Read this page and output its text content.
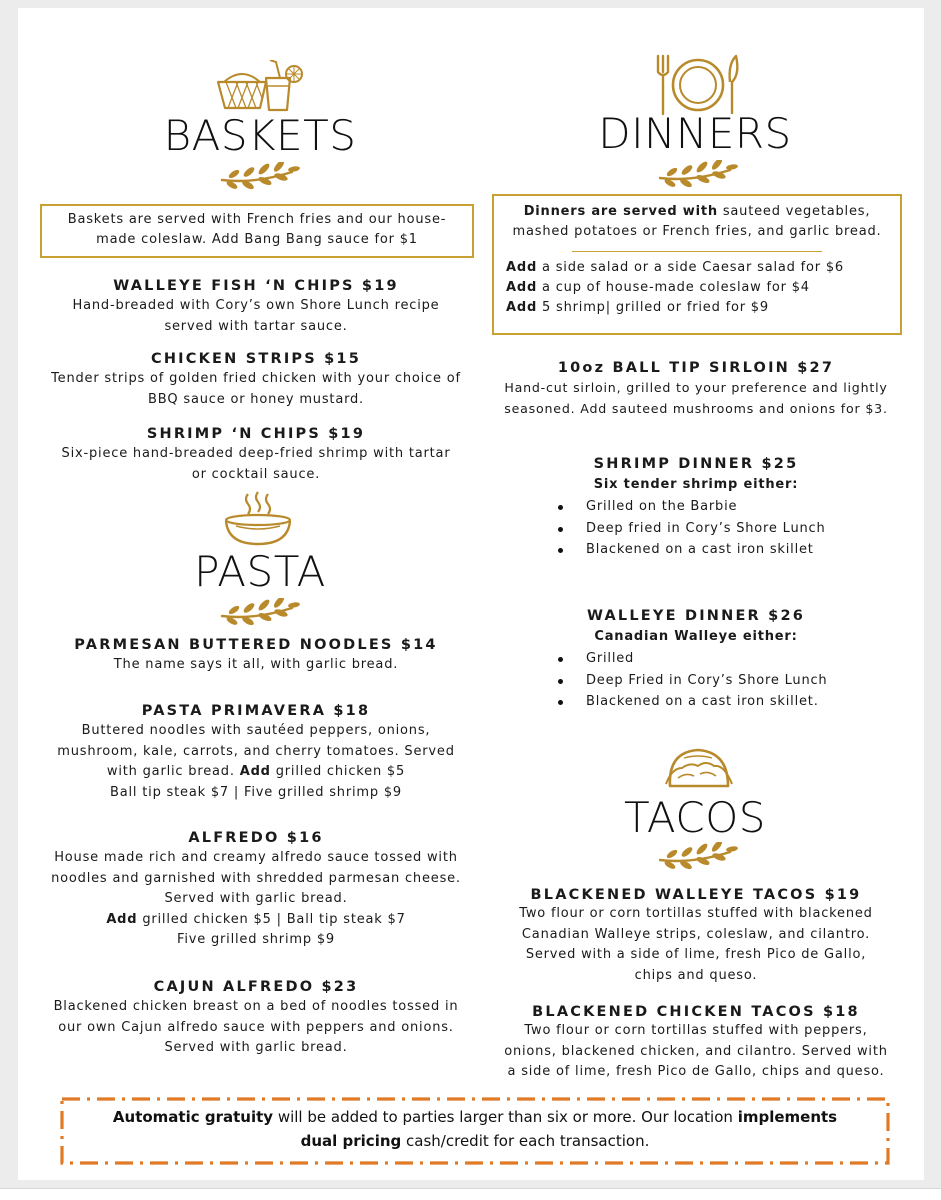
BASKETS
Baskets are served with French fries and our house-
made coleslaw. Add Bang Bang sauce for $1
WALLEYE FISH ‘N CHIPS $19
Hand-breaded with Cory’s own Shore Lunch recipe
served with tartar sauce.
CHICKEN STRIPS $15
Tender strips of golden fried chicken with your choice of
BBQ sauce or honey mustard.
SHRIMP ‘N CHIPS $19
Six-piece hand-breaded deep-fried shrimp with tartar
or cocktail sauce.
PASTA
PARMESAN BUTTERED NOODLES $14
The name says it all, with garlic bread.
PASTA PRIMAVERA $18
Buttered noodles with sautéed peppers, onions,
mushroom, kale, carrots, and cherry tomatoes. Served
with garlic bread. Add grilled chicken $5
Ball tip steak $7 | Five grilled shrimp $9
ALFREDO $16
House made rich and creamy alfredo sauce tossed with
noodles and garnished with shredded parmesan cheese.
Served with garlic bread.
Add grilled chicken $5 | Ball tip steak $7
Five grilled shrimp $9
CAJUN ALFREDO $23
Blackened chicken breast on a bed of noodles tossed in
our own Cajun alfredo sauce with peppers and onions.
Served with garlic bread.
DINNERS
Dinners are served with sauteed vegetables,
mashed potatoes or French fries, and garlic bread.
Add a side salad or a side Caesar salad for $6
Add a cup of house-made coleslaw for $4
Add 5 shrimp| grilled or fried for $9
10oz BALL TIP SIRLOIN $27
Hand-cut sirloin, grilled to your preference and lightly
seasoned. Add sauteed mushrooms and onions for $3.
SHRIMP DINNER $25
Six tender shrimp either:
Grilled on the Barbie
Deep fried in Cory’s Shore Lunch
Blackened on a cast iron skillet
WALLEYE DINNER $26
Canadian Walleye either:
Grilled
Deep Fried in Cory’s Shore Lunch
Blackened on a cast iron skillet.
TACOS
BLACKENED WALLEYE TACOS $19
Two flour or corn tortillas stuffed with blackened
Canadian Walleye strips, coleslaw, and cilantro.
Served with a side of lime, fresh Pico de Gallo,
chips and queso.
BLACKENED CHICKEN TACOS $18
Two flour or corn tortillas stuffed with peppers,
onions, blackened chicken, and cilantro. Served with
a side of lime, fresh Pico de Gallo, chips and queso.
Automatic gratuity will be added to parties larger than six or more. Our location implements
dual pricing cash/credit for each transaction.
